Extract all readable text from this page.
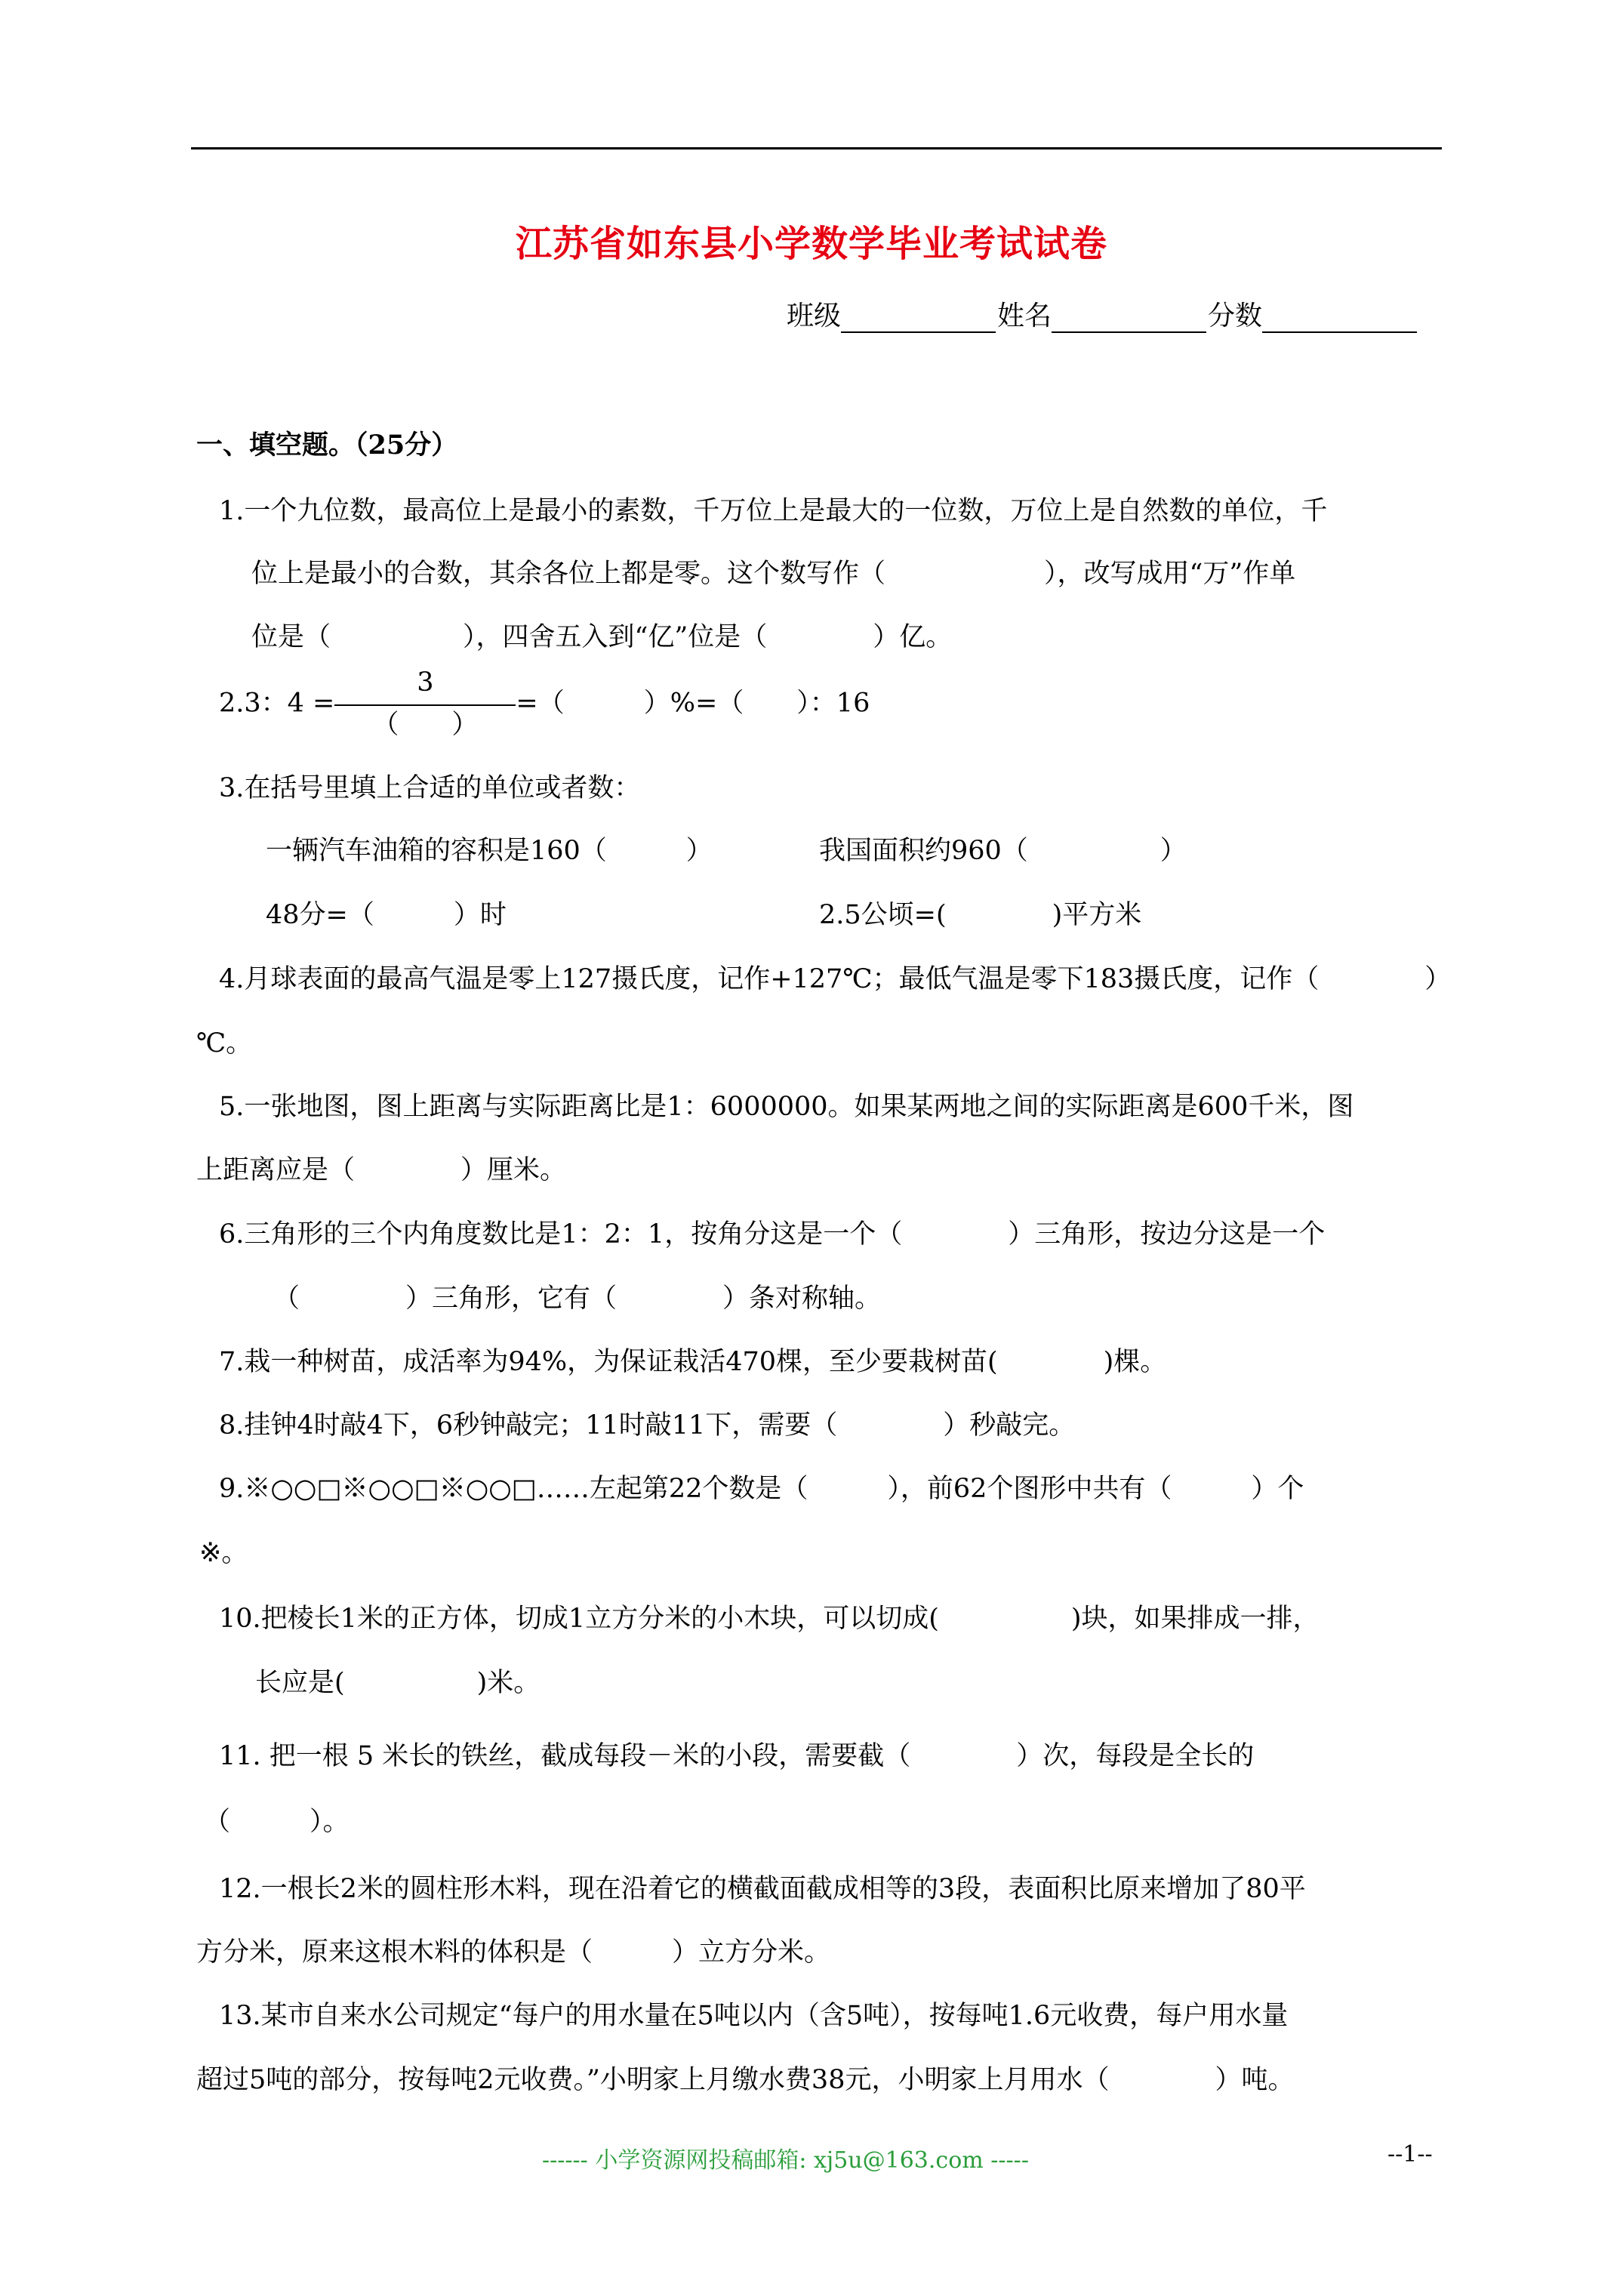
江苏省如东县小学数学毕业考试试卷
班级	姓名	分数
一、填空题。（25分）
1.一个九位数，最高位上是最小的素数，千万位上是最大的一位数，万位上是自然数的单位，千
位上是最小的合数，其余各位上都是零。这个数写作（　　　　　　），改写成用“万”作单
位是（　　　　　），四舍五入到“亿”位是（　　　　）亿。
2.3：$4 = \frac{3}{( )}$ =（　　　）%=（　　）：16
3.在括号里填上合适的单位或者数：
一辆汽车油箱的容积是160（　　　）	我国面积约960（　　　　　）
48分=（　　　）时	2.5公顷=(　　　　)平方米
4.月球表面的最高气温是零上127摄氏度，记作+127℃；最低气温是零下183摄氏度，记作（　　　　）
℃。
5.一张地图，图上距离与实际距离比是1：6000000。如果某两地之间的实际距离是600千米，图
上距离应是（　　　　）厘米。
6.三角形的三个内角度数比是1：2：1，按角分这是一个（　　　　）三角形，按边分这是一个
（　　　　）三角形，它有（　　　　）条对称轴。
7.栽一种树苗，成活率为94%，为保证栽活470棵，至少要栽树苗(　　　　)棵。
8.挂钟4时敲4下，6秒钟敲完；11时敲11下，需要（　　　　）秒敲完。
9.※○○□※○○□※○○□……左起第22个数是（　　　），前62个图形中共有（　　　）个
※。
10.把棱长1米的正方体，切成1立方分米的小木块，可以切成(　　　　　)块，如果排成一排，
长应是(　　　　　)米。
11. 把一根 5 米长的铁丝，截成每段－米的小段，需要截（　　　　）次，每段是全长的
（　　　）。
12.一根长2米的圆柱形木料，现在沿着它的横截面截成相等的3段，表面积比原来增加了80平
方分米，原来这根木料的体积是（　　　）立方分米。
13.某市自来水公司规定“每户的用水量在5吨以内（含5吨），按每吨1.6元收费，每户用水量
超过5吨的部分，按每吨2元收费。”小明家上月缴水费38元，小明家上月用水（　　　　）吨。
------ 小学资源网投稿邮箱: xj5u@163.com -----	--1--
